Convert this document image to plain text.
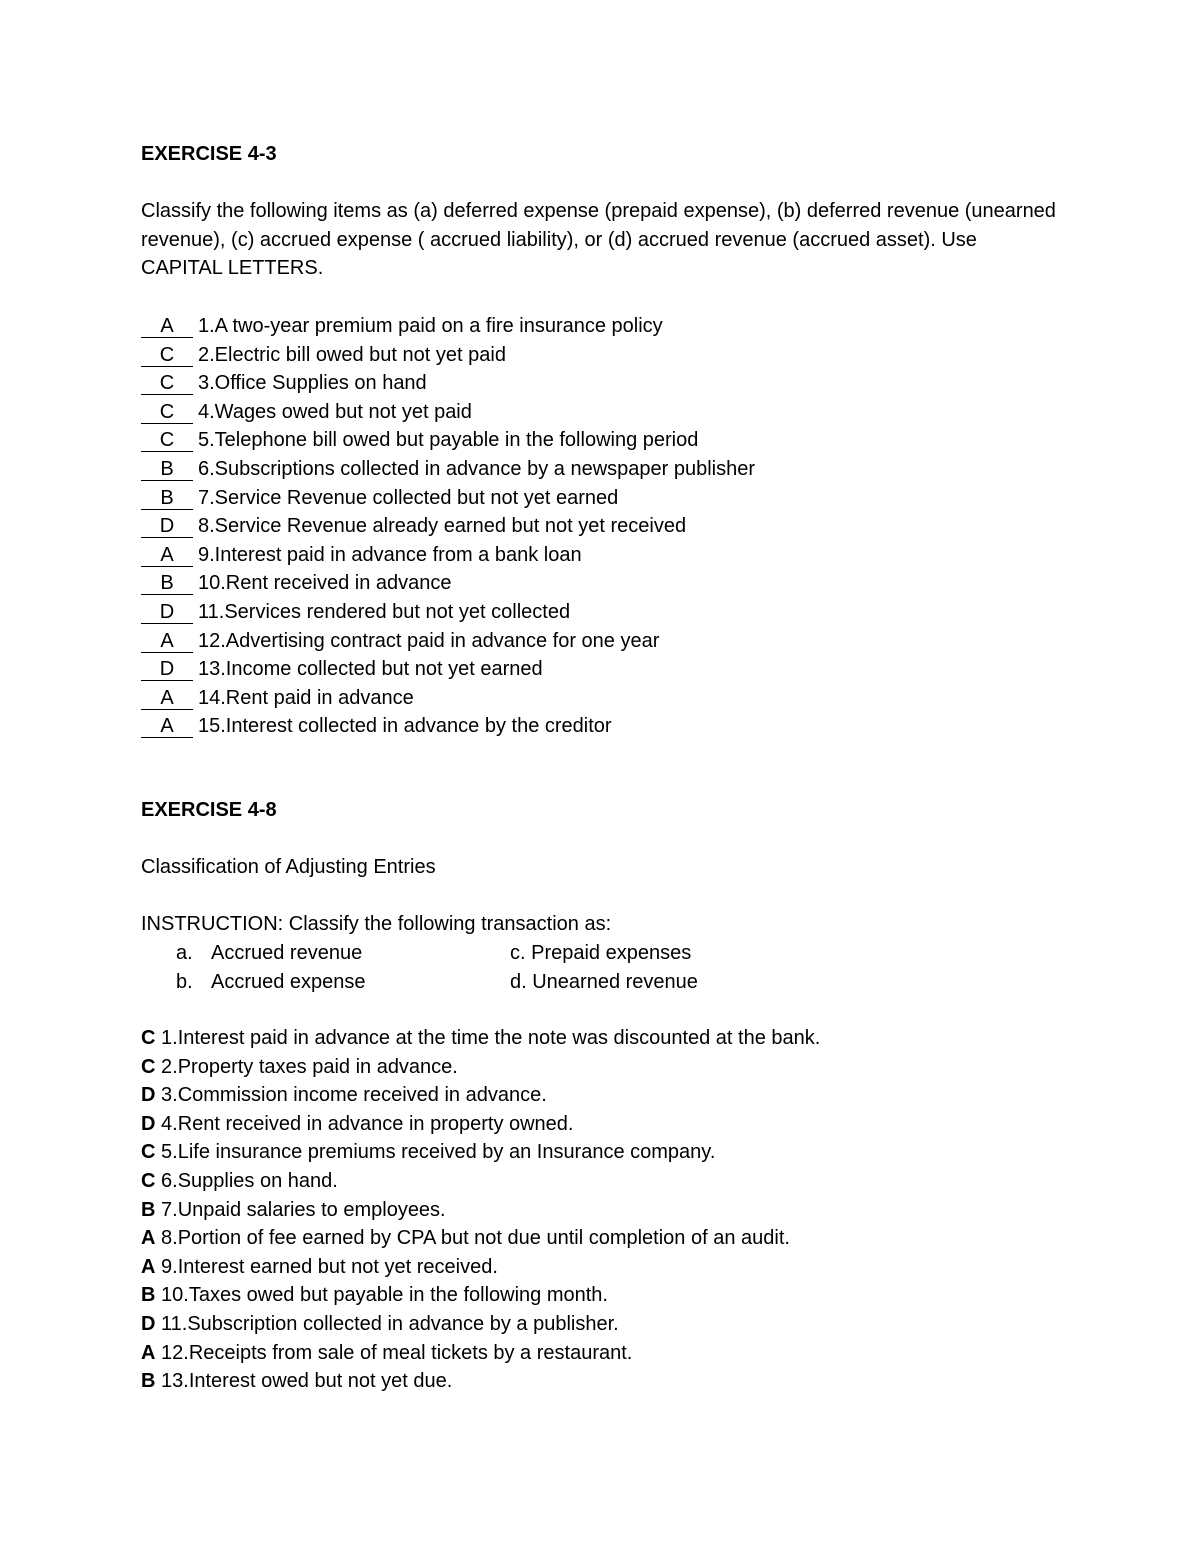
EXERCISE 4-3
Classify the following items as (a) deferred expense (prepaid expense), (b) deferred revenue (unearned revenue), (c) accrued expense ( accrued liability), or (d) accrued revenue (accrued asset). Use CAPITAL LETTERS.
A 1.A two-year premium paid on a fire insurance policy
C 2.Electric bill owed but not yet paid
C 3.Office Supplies on hand
C 4.Wages owed but not yet paid
C 5.Telephone bill owed but payable in the following period
B 6.Subscriptions collected in advance by a newspaper publisher
B 7.Service Revenue collected but not yet earned
D 8.Service Revenue already earned but not yet received
A 9.Interest paid in advance from a bank loan
B 10.Rent received in advance
D 11.Services rendered but not yet collected
A 12.Advertising contract paid in advance for one year
D 13.Income collected but not yet earned
A 14.Rent paid in advance
A 15.Interest collected in advance by the creditor
EXERCISE 4-8
Classification of Adjusting Entries
INSTRUCTION: Classify the following transaction as:
a. Accrued revenue	c. Prepaid expenses
b. Accrued expense	d. Unearned revenue
C 1.Interest paid in advance at the time the note was discounted at the bank.
C 2.Property taxes paid in advance.
D 3.Commission income received in advance.
D 4.Rent received in advance in property owned.
C 5.Life insurance premiums received by an Insurance company.
C 6.Supplies on hand.
B 7.Unpaid salaries to employees.
A 8.Portion of fee earned by CPA but not due until completion of an audit.
A 9.Interest earned but not yet received.
B 10.Taxes owed but payable in the following month.
D 11.Subscription collected in advance by a publisher.
A 12.Receipts from sale of meal tickets by a restaurant.
B 13.Interest owed but not yet due.
